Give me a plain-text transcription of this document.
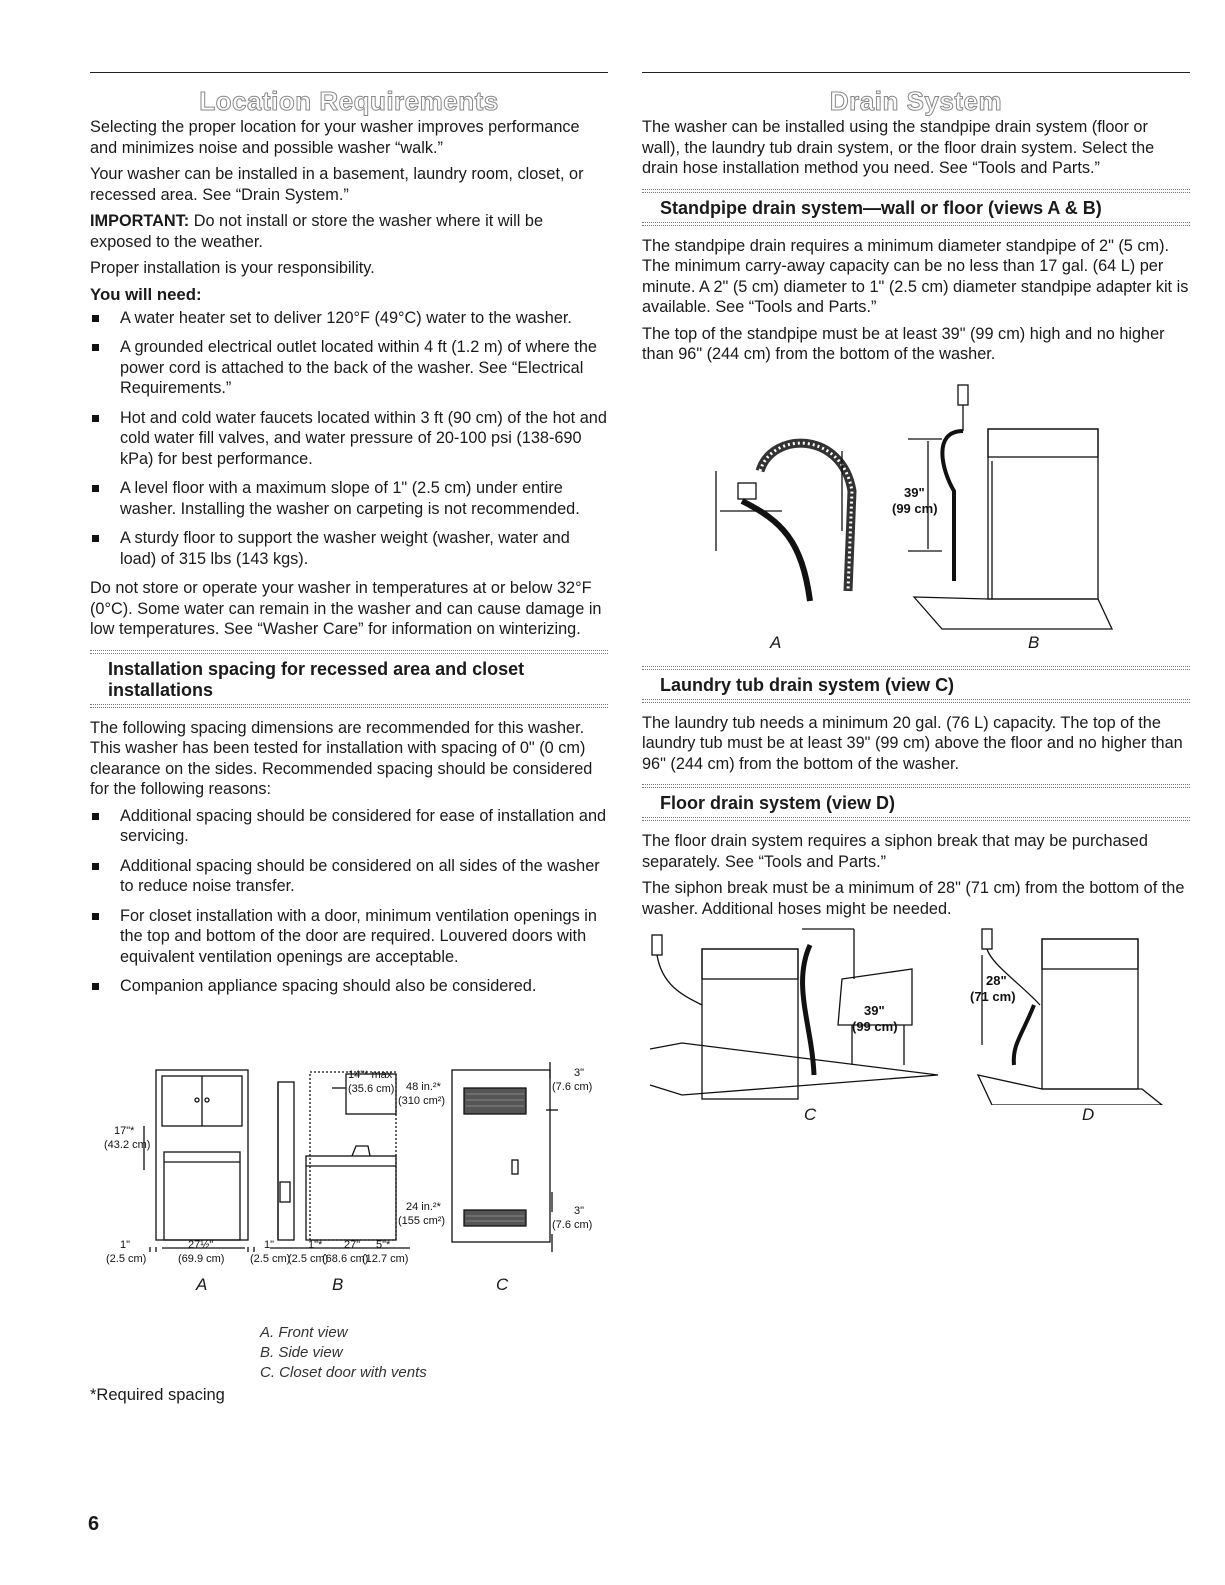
Location Requirements

Selecting the proper location for your washer improves performance and minimizes noise and possible washer “walk.”

Your washer can be installed in a basement, laundry room, closet, or recessed area. See “Drain System.”

IMPORTANT: Do not install or store the washer where it will be exposed to the weather.

Proper installation is your responsibility.

You will need:
A water heater set to deliver 120°F (49°C) water to the washer.
A grounded electrical outlet located within 4 ft (1.2 m) of where the power cord is attached to the back of the washer. See “Electrical Requirements.”
Hot and cold water faucets located within 3 ft (90 cm) of the hot and cold water fill valves, and water pressure of 20-100 psi (138-690 kPa) for best performance.
A level floor with a maximum slope of 1" (2.5 cm) under entire washer. Installing the washer on carpeting is not recommended.
A sturdy floor to support the washer weight (washer, water and load) of 315 lbs (143 kgs).

Do not store or operate your washer in temperatures at or below 32°F (0°C). Some water can remain in the washer and can cause damage in low temperatures. See “Washer Care” for information on winterizing.

Installation spacing for recessed area and closet installations

The following spacing dimensions are recommended for this washer. This washer has been tested for installation with spacing of 0" (0 cm) clearance on the sides. Recommended spacing should be considered for the following reasons:

Additional spacing should be considered for ease of installation and servicing.
Additional spacing should be considered on all sides of the washer to reduce noise transfer.
For closet installation with a door, minimum ventilation openings in the top and bottom of the door are required. Louvered doors with equivalent ventilation openings are acceptable.
Companion appliance spacing should also be considered.
17"*
(43.2 cm)
1"
(2.5 cm)
27½"
(69.9 cm)
1"
(2.5 cm)
1"*
(2.5 cm)
27"
(68.6 cm)
5"*
(12.7 cm)
14"* max
(35.6 cm) 48 in.²*
(310 cm²)
24 in.²*
(155 cm²)
3"
(7.6 cm)
3"
(7.6 cm)
A	B	C
A. Front view
B. Side view
C. Closet door with vents
*Required spacing
6
Drain System

The washer can be installed using the standpipe drain system (floor or wall), the laundry tub drain system, or the floor drain system. Select the drain hose installation method you need. See “Tools and Parts.”

Standpipe drain system—wall or floor (views A & B)

The standpipe drain requires a minimum diameter standpipe of 2" (5 cm). The minimum carry-away capacity can be no less than 17 gal. (64 L) per minute. A 2" (5 cm) diameter to 1" (2.5 cm) diameter standpipe adapter kit is available. See “Tools and Parts.”

The top of the standpipe must be at least 39" (99 cm) high and no higher than 96" (244 cm) from the bottom of the washer.

39"
(99 cm)
A	B
Laundry tub drain system (view C)

The laundry tub needs a minimum 20 gal. (76 L) capacity. The top of the laundry tub must be at least 39" (99 cm) above the floor and no higher than 96" (244 cm) from the bottom of the washer.

Floor drain system (view D)

The floor drain system requires a siphon break that may be purchased separately. See “Tools and Parts.”

The siphon break must be a minimum of 28" (71 cm) from the bottom of the washer. Additional hoses might be needed.

39"
(99 cm)
28"
(71 cm)
C	D
